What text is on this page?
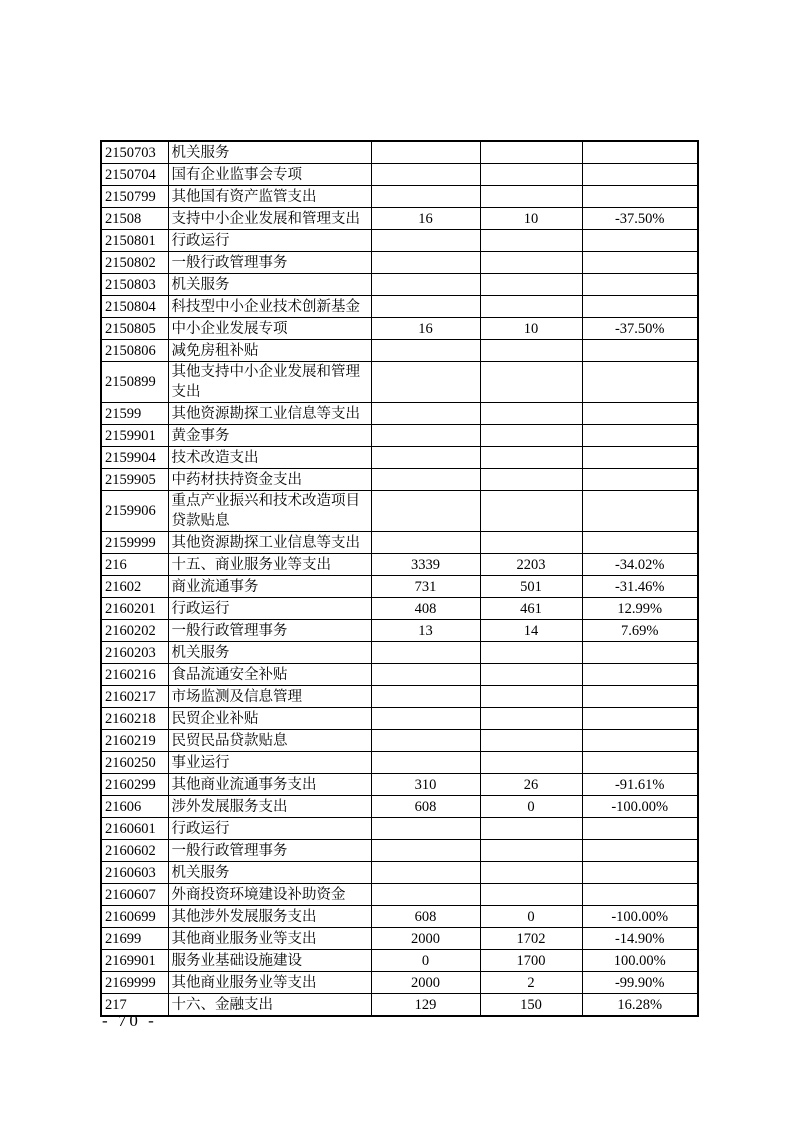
2150703	机关服务			
2150704	国有企业监事会专项			
2150799	其他国有资产监管支出			
21508	支持中小企业发展和管理支出	16	10	-37.50%
2150801	行政运行			
2150802	一般行政管理事务			
2150803	机关服务			
2150804	科技型中小企业技术创新基金			
2150805	中小企业发展专项	16	10	-37.50%
2150806	减免房租补贴			
2150899	其他支持中小企业发展和管理支出			
21599	其他资源勘探工业信息等支出			
2159901	黄金事务			
2159904	技术改造支出			
2159905	中药材扶持资金支出			
2159906	重点产业振兴和技术改造项目贷款贴息			
2159999	其他资源勘探工业信息等支出			
216	十五、商业服务业等支出	3339	2203	-34.02%
21602	商业流通事务	731	501	-31.46%
2160201	行政运行	408	461	12.99%
2160202	一般行政管理事务	13	14	7.69%
2160203	机关服务			
2160216	食品流通安全补贴			
2160217	市场监测及信息管理			
2160218	民贸企业补贴			
2160219	民贸民品贷款贴息			
2160250	事业运行			
2160299	其他商业流通事务支出	310	26	-91.61%
21606	涉外发展服务支出	608	0	-100.00%
2160601	行政运行			
2160602	一般行政管理事务			
2160603	机关服务			
2160607	外商投资环境建设补助资金			
2160699	其他涉外发展服务支出	608	0	-100.00%
21699	其他商业服务业等支出	2000	1702	-14.90%
2169901	服务业基础设施建设	0	1700	100.00%
2169999	其他商业服务业等支出	2000	2	-99.90%
217	十六、金融支出	129	150	16.28%
- 70 -
